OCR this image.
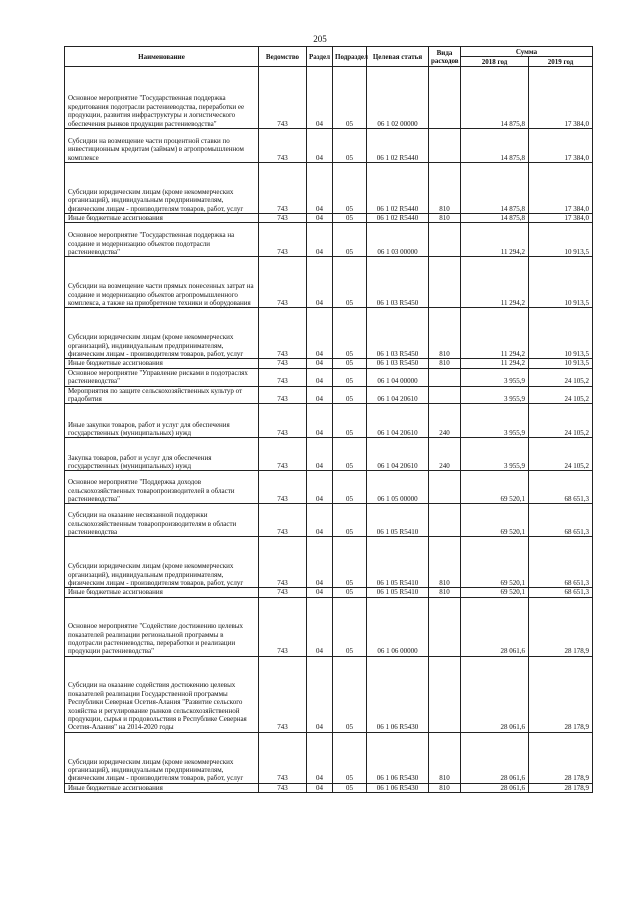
205
Наименование	Ведомство	Раздел	Подраздел	Целевая статья	Вида расходов	Сумма	
						2018 год	2019 год
Основное мероприятие "Государственная поддержка кредитования подотрасли растениеводства, переработки ее продукции, развития инфраструктуры и логистического обеспечения рынков продукции растениеводства"	743	04	05	06 1 02 00000		14 875,8	17 384,0
Субсидии на возмещение части процентной ставки по инвестиционным кредитам (займам) в агропромышленном комплексе	743	04	05	06 1 02 R5440		14 875,8	17 384,0
Субсидии юридическим лицам (кроме некоммерческих организаций), индивидуальным предпринимателям, физическим лицам - производителям товаров, работ, услуг	743	04	05	06 1 02 R5440	810	14 875,8	17 384,0
Иные бюджетные ассигнования	743	04	05	06 1 02 R5440	810	14 875,8	17 384,0
Основное мероприятие "Государственная поддержка на создание и модернизацию объектов подотрасли растениеводства"	743	04	05	06 1 03 00000		11 294,2	10 913,5
Субсидии на возмещение части прямых понесенных затрат на создание и модернизацию объектов агропромышленного комплекса, а также на приобретение техники и оборудования	743	04	05	06 1 03 R5450		11 294,2	10 913,5
Субсидии юридическим лицам (кроме некоммерческих организаций), индивидуальным предпринимателям, физическим лицам - производителям товаров, работ, услуг	743	04	05	06 1 03 R5450	810	11 294,2	10 913,5
Иные бюджетные ассигнования	743	04	05	06 1 03 R5450	810	11 294,2	10 913,5
Основное мероприятие "Управление рисками в подотраслях растениеводства"	743	04	05	06 1 04 00000		3 955,9	24 105,2
Мероприятия по защите сельскохозяйственных культур от градобития	743	04	05	06 1 04 20610		3 955,9	24 105,2
Иные закупки товаров, работ и услуг для обеспечения государственных (муниципальных) нужд	743	04	05	06 1 04 20610	240	3 955,9	24 105,2
Закупка товаров, работ и услуг для обеспечения государственных (муниципальных) нужд	743	04	05	06 1 04 20610	240	3 955,9	24 105,2
Основное мероприятие "Поддержка доходов сельскохозяйственных товаропроизводителей в области растениеводства"	743	04	05	06 1 05 00000		69 520,1	68 651,3
Субсидии на оказание несвязанной поддержки сельскохозяйственным товаропроизводителям в области растениеводства	743	04	05	06 1 05 R5410		69 520,1	68 651,3
Субсидии юридическим лицам (кроме некоммерческих организаций), индивидуальным предпринимателям, физическим лицам - производителям товаров, работ, услуг	743	04	05	06 1 05 R5410	810	69 520,1	68 651,3
Иные бюджетные ассигнования	743	04	05	06 1 05 R5410	810	69 520,1	68 651,3
Основное мероприятие "Содействие достижению целевых показателей реализации региональной программы в подотрасли растениеводства, переработки и реализации продукции растениеводства"	743	04	05	06 1 06 00000		28 061,6	28 178,9
Субсидии на оказание содействия достижению целевых показателей реализации Государственной программы Республики Северная Осетия-Алания "Развитие сельского хозяйства и регулирование рынков сельскохозяйственной продукции, сырья и продовольствия в Республике Северная Осетия-Алания" на 2014-2020 годы	743	04	05	06 1 06 R5430		28 061,6	28 178,9
Субсидии юридическим лицам (кроме некоммерческих организаций), индивидуальным предпринимателям, физическим лицам - производителям товаров, работ, услуг	743	04	05	06 1 06 R5430	810	28 061,6	28 178,9
Иные бюджетные ассигнования	743	04	05	06 1 06 R5430	810	28 061,6	28 178,9
